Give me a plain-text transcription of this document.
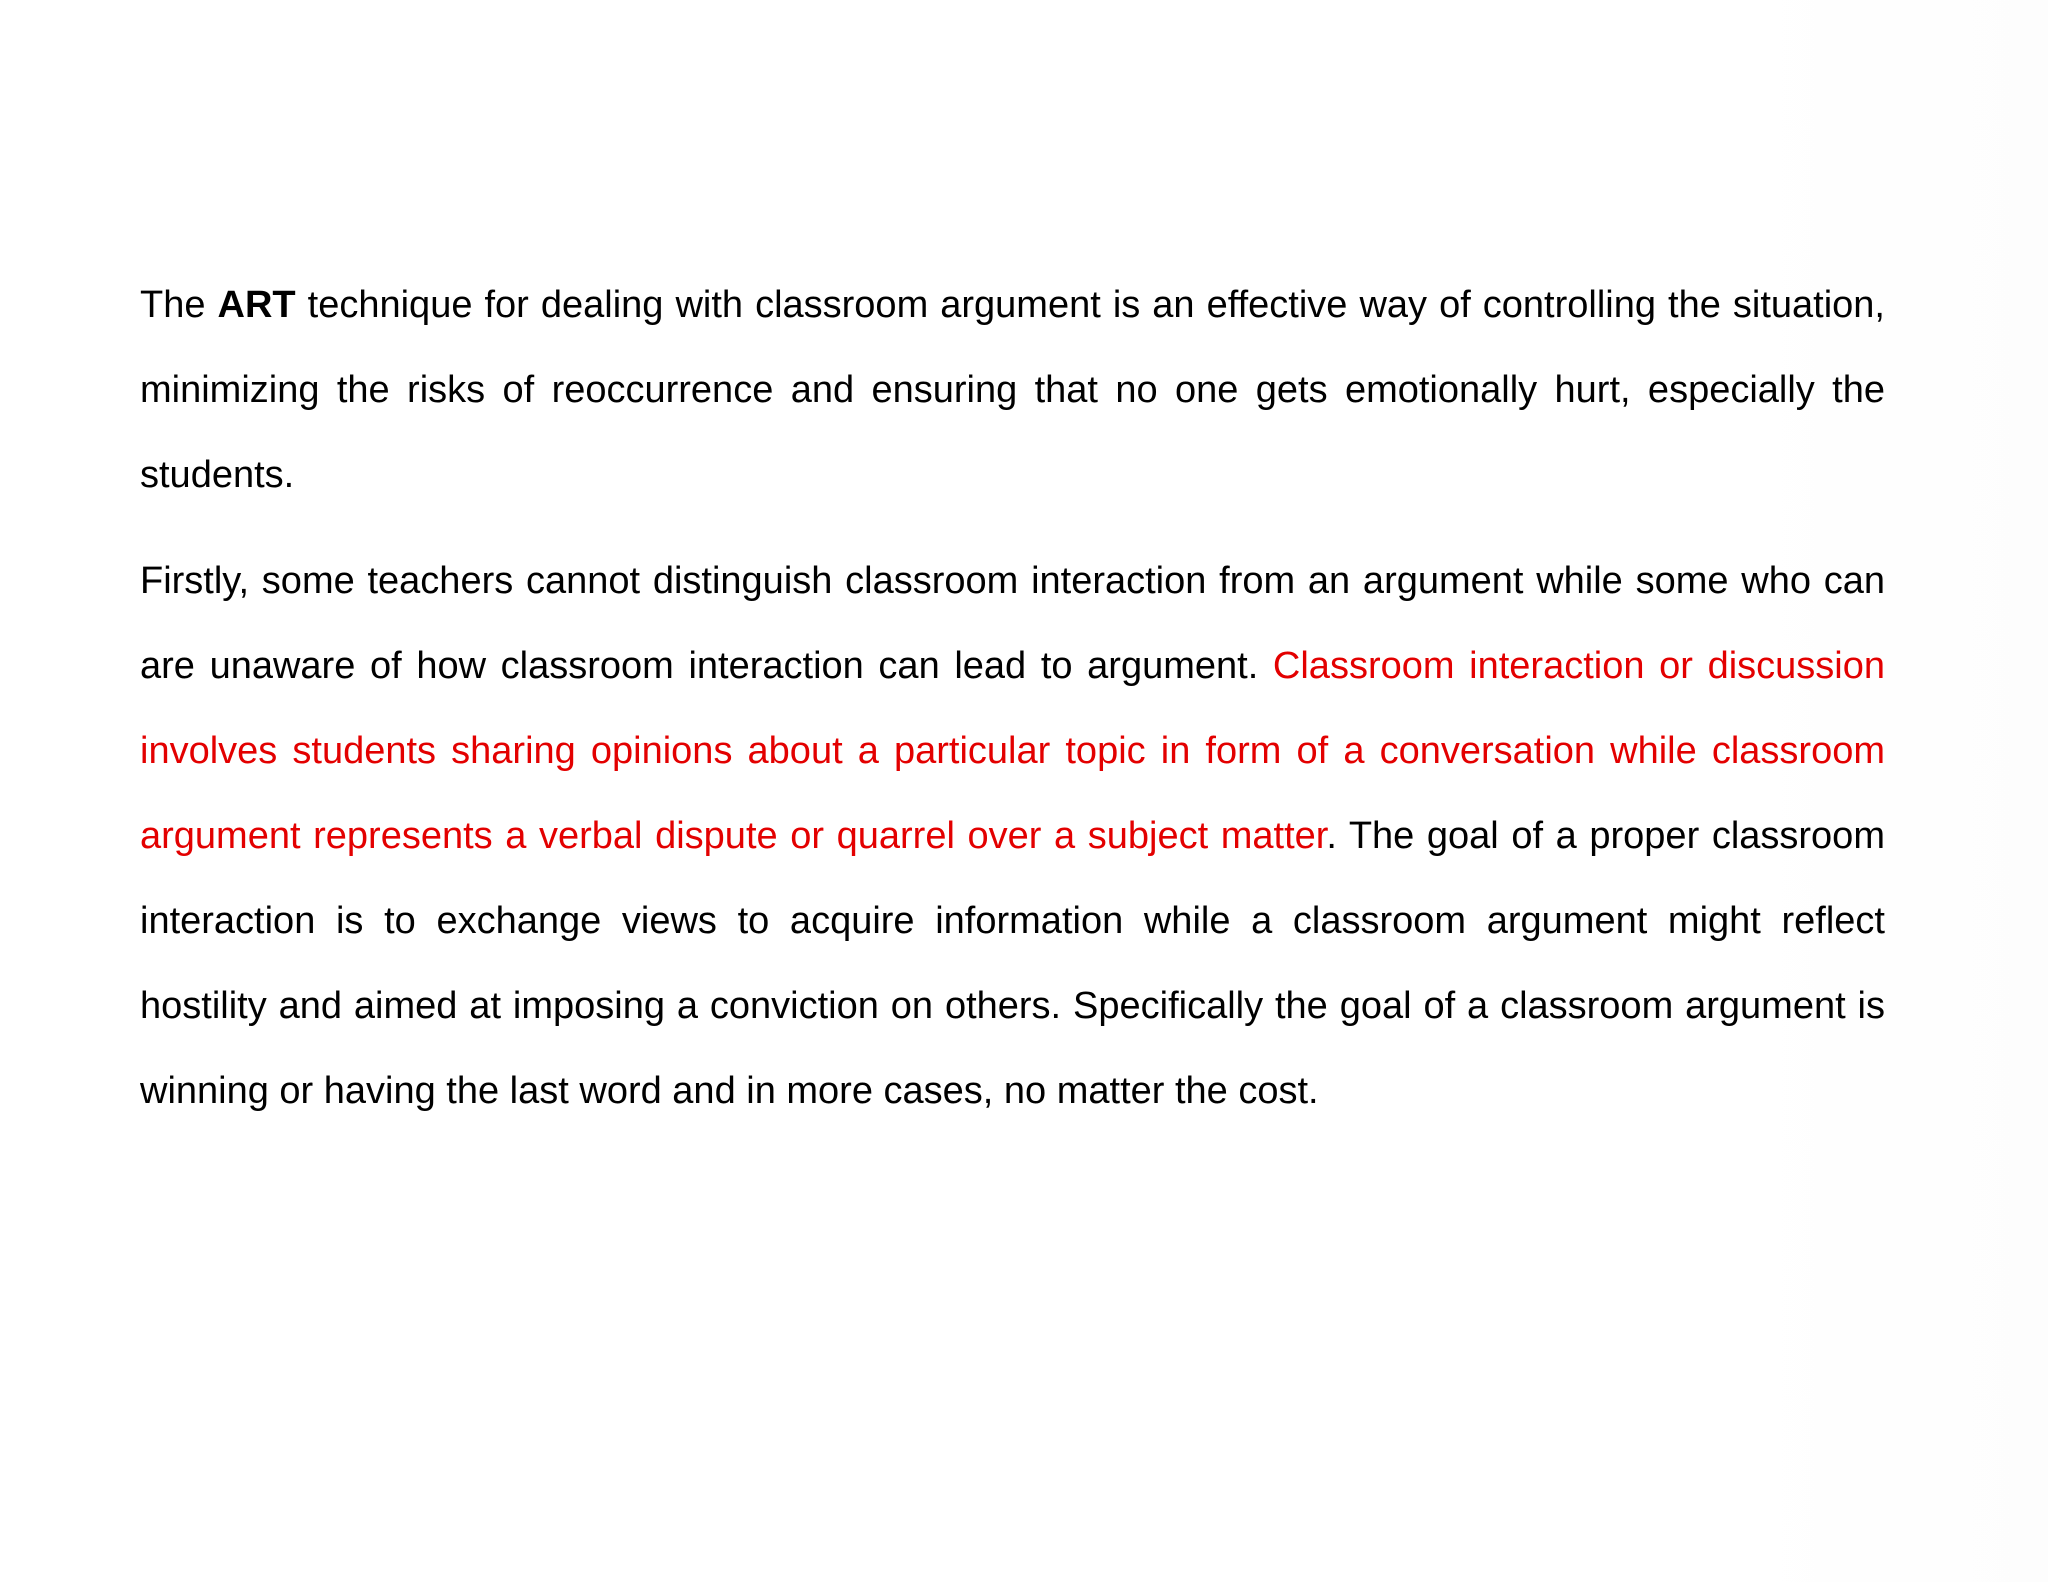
The ART technique for dealing with classroom argument is an effective way of controlling the situation, minimizing the risks of reoccurrence and ensuring that no one gets emotionally hurt, especially the students.

Firstly, some teachers cannot distinguish classroom interaction from an argument while some who can are unaware of how classroom interaction can lead to argument. Classroom interaction or discussion involves students sharing opinions about a particular topic in form of a conversation while classroom argument represents a verbal dispute or quarrel over a subject matter. The goal of a proper classroom interaction is to exchange views to acquire information while a classroom argument might reflect hostility and aimed at imposing a conviction on others. Specifically the goal of a classroom argument is winning or having the last word and in more cases, no matter the cost.
